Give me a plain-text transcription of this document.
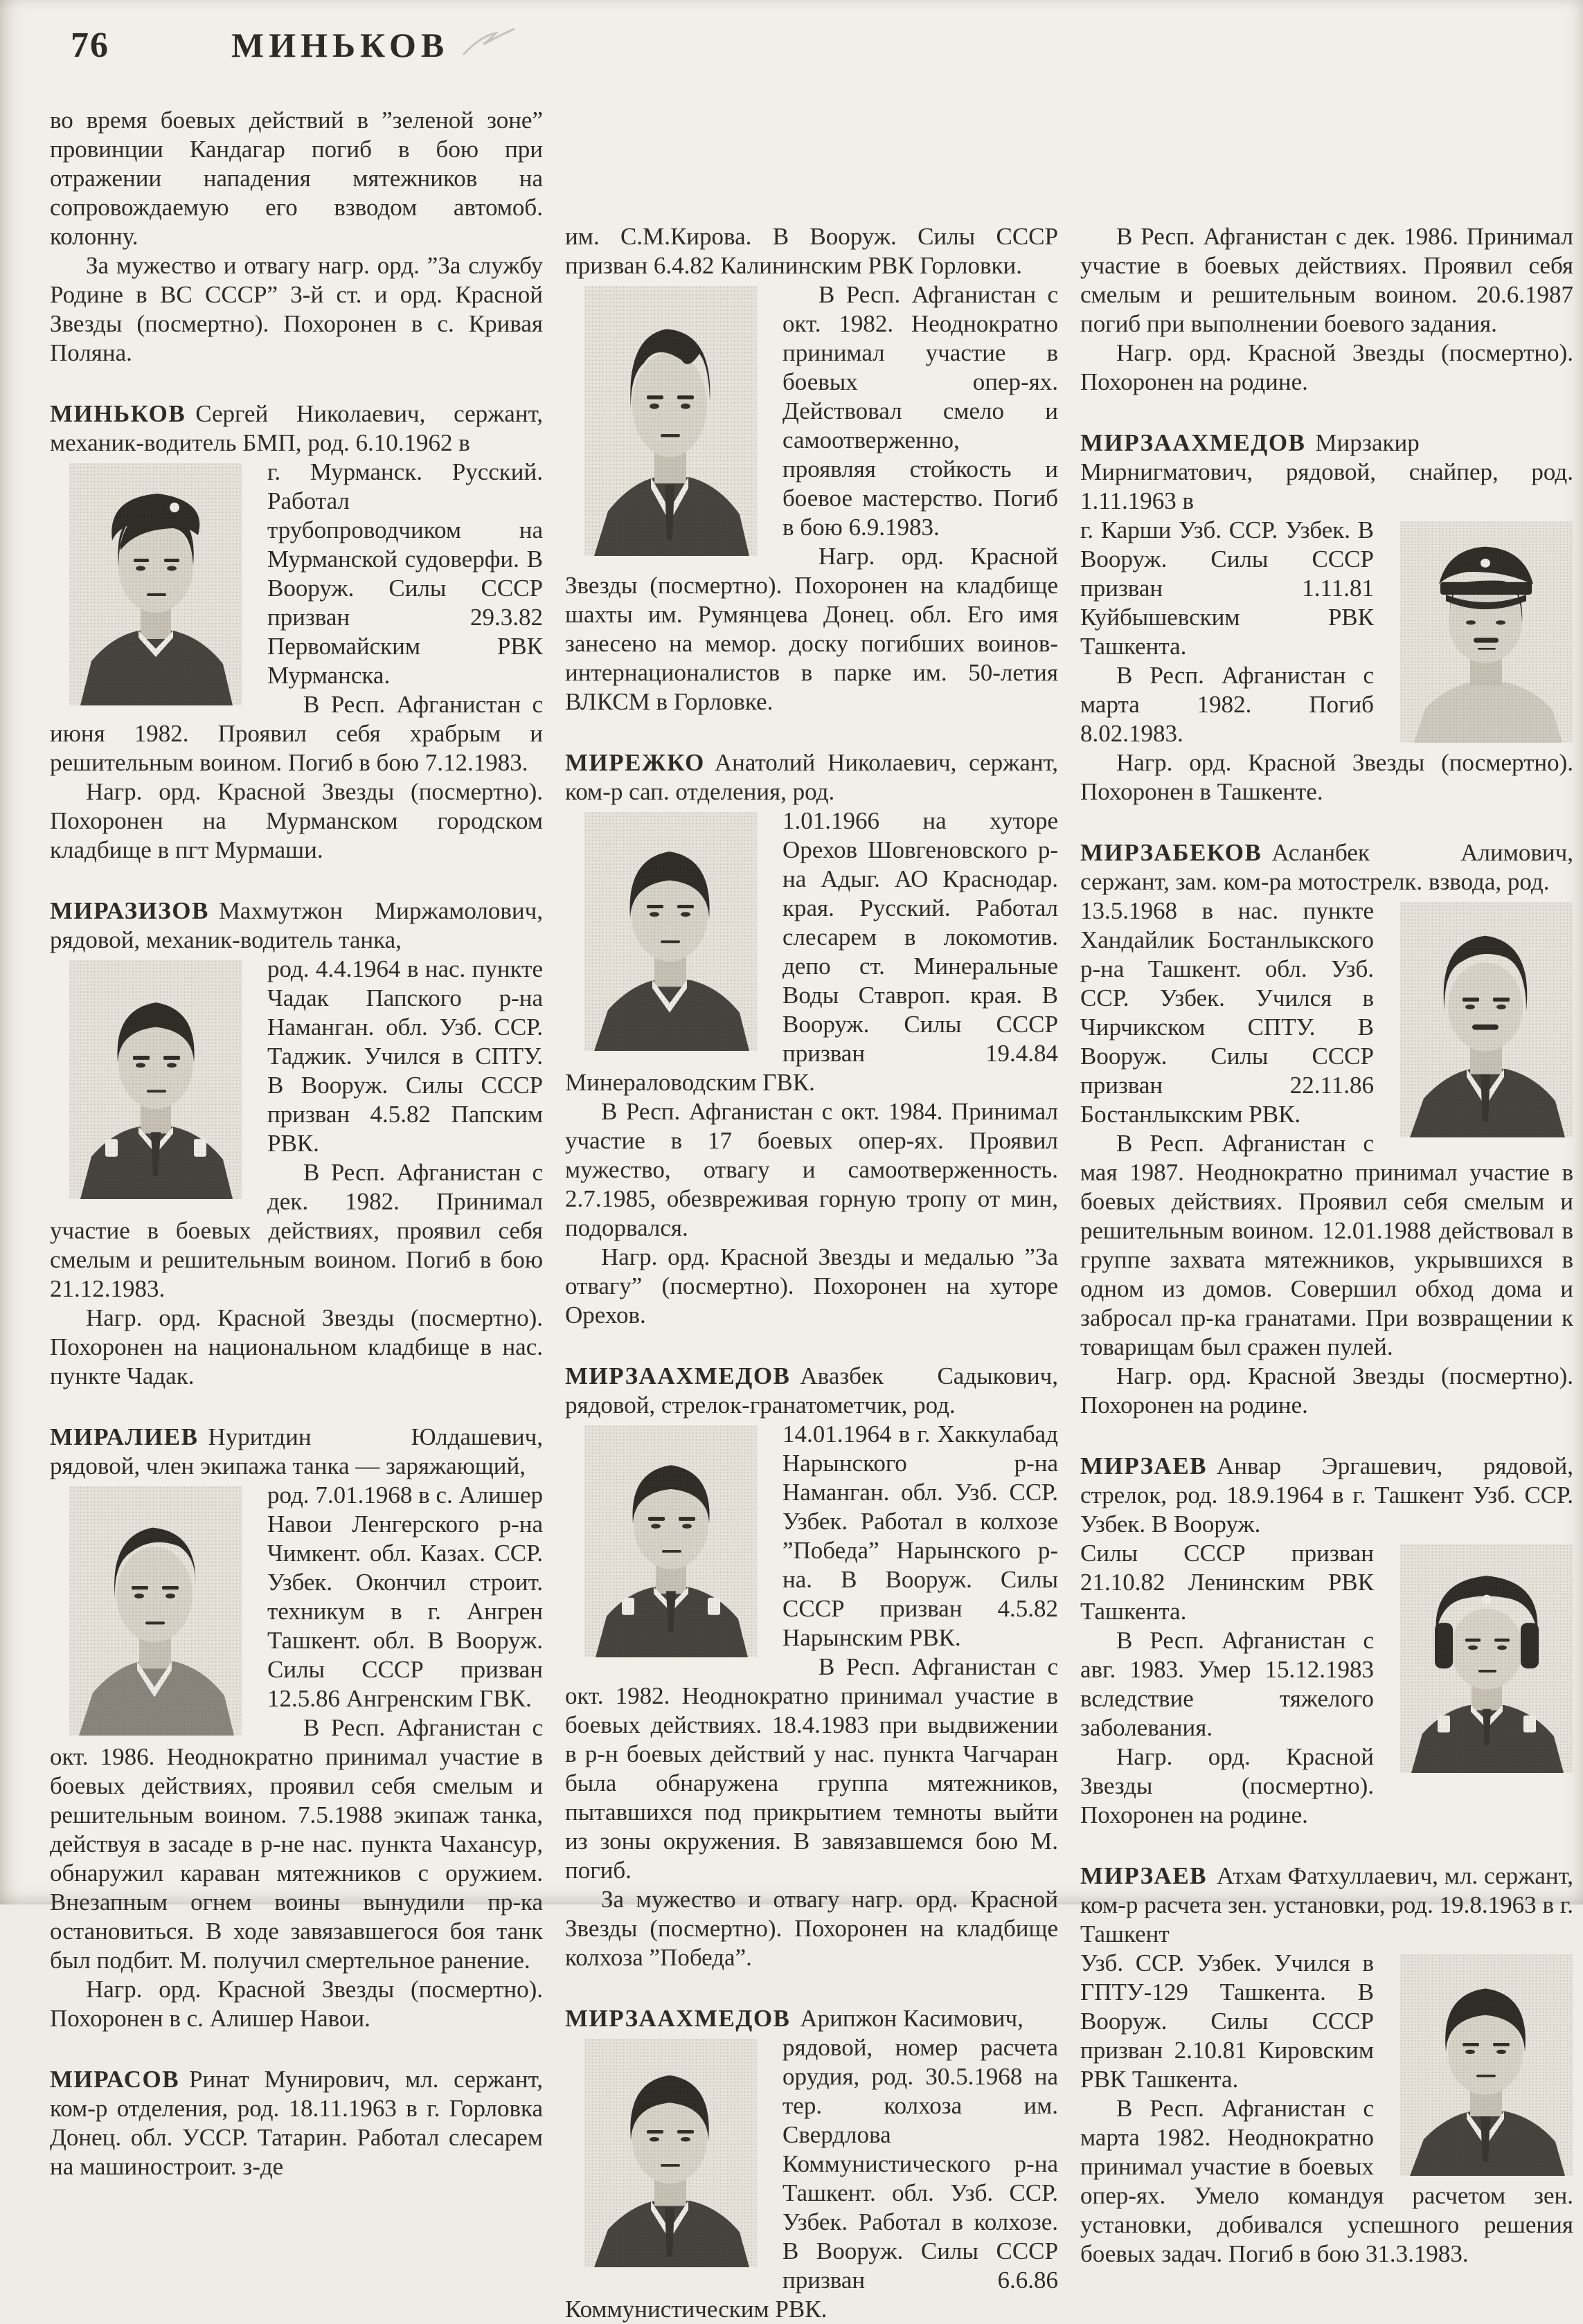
76	МИНЬКОВ

во время боевых действий в ”зеленой зоне” провинции Кандагар погиб в бою при отражении нападения мятежников на сопровождаемую его взводом автомоб. колонну.

За мужество и отвагу нагр. орд. ”За службу Родине в ВС СССР” 3-й ст. и орд. Красной Звезды (посмертно). Похоронен в с. Кривая Поляна.

МИНЬКОВ Сергей Николаевич, сержант, механик-водитель БМП, род. 6.10.1962 в

г. Мурманск. Русский. Работал трубопроводчиком на Мурманской судоверфи. В Вооруж. Силы СССР призван 29.3.82 Первомайским РВК Мурманска.

В Респ. Афганистан с июня 1982. Проявил себя храбрым и решительным воином. Погиб в бою 7.12.1983.

Нагр. орд. Красной Звезды (посмертно). Похоронен на Мурманском городском кладбище в пгт Мурмаши.

МИРАЗИЗОВ Махмутжон Миржамолович, рядовой, механик-водитель танка,

род. 4.4.1964 в нас. пункте Чадак Папского р-на Наманган. обл. Узб. ССР. Таджик. Учился в СПТУ. В Вооруж. Силы СССР призван 4.5.82 Папским РВК.

В Респ. Афганистан с дек. 1982. Принимал участие в боевых действиях, проявил себя смелым и решительным воином. Погиб в бою 21.12.1983.

Нагр. орд. Красной Звезды (посмертно). Похоронен на национальном кладбище в нас. пункте Чадак.

МИРАЛИЕВ Нуритдин Юлдашевич, рядовой, член экипажа танка — заряжающий,

род. 7.01.1968 в с. Алишер Навои Ленгерского р-на Чимкент. обл. Казах. ССР. Узбек. Окончил строит. техникум в г. Ангрен Ташкент. обл. В Вооруж. Силы СССР призван 12.5.86 Ангренским ГВК.

В Респ. Афганистан с окт. 1986. Неоднократно принимал участие в боевых действиях, проявил себя смелым и решительным воином. 7.5.1988 экипаж танка, действуя в засаде в р-не нас. пункта Чахансур, обнаружил караван мятежников с оружием. Внезапным огнем воины вынудили пр-ка остановиться. В ходе завязавшегося боя танк был подбит. М. получил смертельное ранение.

Нагр. орд. Красной Звезды (посмертно). Похоронен в с. Алишер Навои.

МИРАСОВ Ринат Мунирович, мл. сержант, ком-р отделения, род. 18.11.1963 в г. Горловка Донец. обл. УССР. Татарин. Работал слесарем на машиностроит. з-де

им. С.М.Кирова. В Вооруж. Силы СССР призван 6.4.82 Калининским РВК Горловки.

В Респ. Афганистан с окт. 1982. Неоднократно принимал участие в боевых опер-ях. Действовал смело и самоотверженно, проявляя стойкость и боевое мастерство. Погиб в бою 6.9.1983.

Нагр. орд. Красной Звезды (посмертно). Похоронен на кладбище шахты им. Румянцева Донец. обл. Его имя занесено на мемор. доску погибших воинов-интернационалистов в парке им. 50-летия ВЛКСМ в Горловке.

МИРЕЖКО Анатолий Николаевич, сержант, ком-р сап. отделения, род.

1.01.1966 на хуторе Орехов Шовгеновского р-на Адыг. АО Краснодар. края. Русский. Работал слесарем в локомотив. депо ст. Минеральные Воды Ставроп. края. В Вооруж. Силы СССР призван 19.4.84 Минераловодским ГВК.

В Респ. Афганистан с окт. 1984. Принимал участие в 17 боевых опер-ях. Проявил мужество, отвагу и самоотверженность. 2.7.1985, обезвреживая горную тропу от мин, подорвался.

Нагр. орд. Красной Звезды и медалью ”За отвагу” (посмертно). Похоронен на хуторе Орехов.

МИРЗААХМЕДОВ Авазбек Садыкович, рядовой, стрелок-гранатометчик, род.

14.01.1964 в г. Хаккулабад Нарынского р-на Наманган. обл. Узб. ССР. Узбек. Работал в колхозе ”Победа” Нарынского р-на. В Вооруж. Силы СССР призван 4.5.82 Нарынским РВК.

В Респ. Афганистан с окт. 1982. Неоднократно принимал участие в боевых действиях. 18.4.1983 при выдвижении в р-н боевых действий у нас. пункта Чагчаран была обнаружена группа мятежников, пытавшихся под прикрытием темноты выйти из зоны окружения. В завязавшемся бою М. погиб.

За мужество и отвагу нагр. орд. Красной Звезды (посмертно). Похоронен на кладбище колхоза ”Победа”.

МИРЗААХМЕДОВ Арипжон Касимович,

рядовой, номер расчета орудия, род. 30.5.1968 на тер. колхоза им. Свердлова Коммунистического р-на Ташкент. обл. Узб. ССР. Узбек. Работал в колхозе. В Вооруж. Силы СССР призван 6.6.86 Коммунистическим РВК.

В Респ. Афганистан с дек. 1986. Принимал участие в боевых действиях. Проявил себя смелым и решительным воином. 20.6.1987 погиб при выполнении боевого задания.

Нагр. орд. Красной Звезды (посмертно). Похоронен на родине.

МИРЗААХМЕДОВ Мирзакир Мирнигматович, рядовой, снайпер, род. 1.11.1963 в

г. Карши Узб. ССР. Узбек. В Вооруж. Силы СССР призван 1.11.81 Куйбышевским РВК Ташкента.

В Респ. Афганистан с марта 1982. Погиб 8.02.1983.

Нагр. орд. Красной Звезды (посмертно). Похоронен в Ташкенте.

МИРЗАБЕКОВ Асланбек Алимович, сержант, зам. ком-ра мотострелк. взвода, род.

13.5.1968 в нас. пункте Хандайлик Бостанлыкского р-на Ташкент. обл. Узб. ССР. Узбек. Учился в Чирчикском СПТУ. В Вооруж. Силы СССР призван 22.11.86 Бостанлыкским РВК.

В Респ. Афганистан с мая 1987. Неоднократно принимал участие в боевых действиях. Проявил себя смелым и решительным воином. 12.01.1988 действовал в группе захвата мятежников, укрывшихся в одном из домов. Совершил обход дома и забросал пр-ка гранатами. При возвращении к товарищам был сражен пулей.

Нагр. орд. Красной Звезды (посмертно). Похоронен на родине.

МИРЗАЕВ Анвар Эргашевич, рядовой, стрелок, род. 18.9.1964 в г. Ташкент Узб. ССР. Узбек. В Вооруж.

Силы СССР призван 21.10.82 Ленинским РВК Ташкента.

В Респ. Афганистан с авг. 1983. Умер 15.12.1983 вследствие тяжелого заболевания.

Нагр. орд. Красной Звезды (посмертно). Похоронен на родине.

МИРЗАЕВ Атхам Фатхуллаевич, мл. сержант, ком-р расчета зен. установки, род. 19.8.1963 в г. Ташкент

Узб. ССР. Узбек. Учился в ГПТУ-129 Ташкента. В Вооруж. Силы СССР призван 2.10.81 Кировским РВК Ташкента.

В Респ. Афганистан с марта 1982. Неоднократно принимал участие в боевых опер-ях. Умело командуя расчетом зен. установки, добивался успешного решения боевых задач. Погиб в бою 31.3.1983.
